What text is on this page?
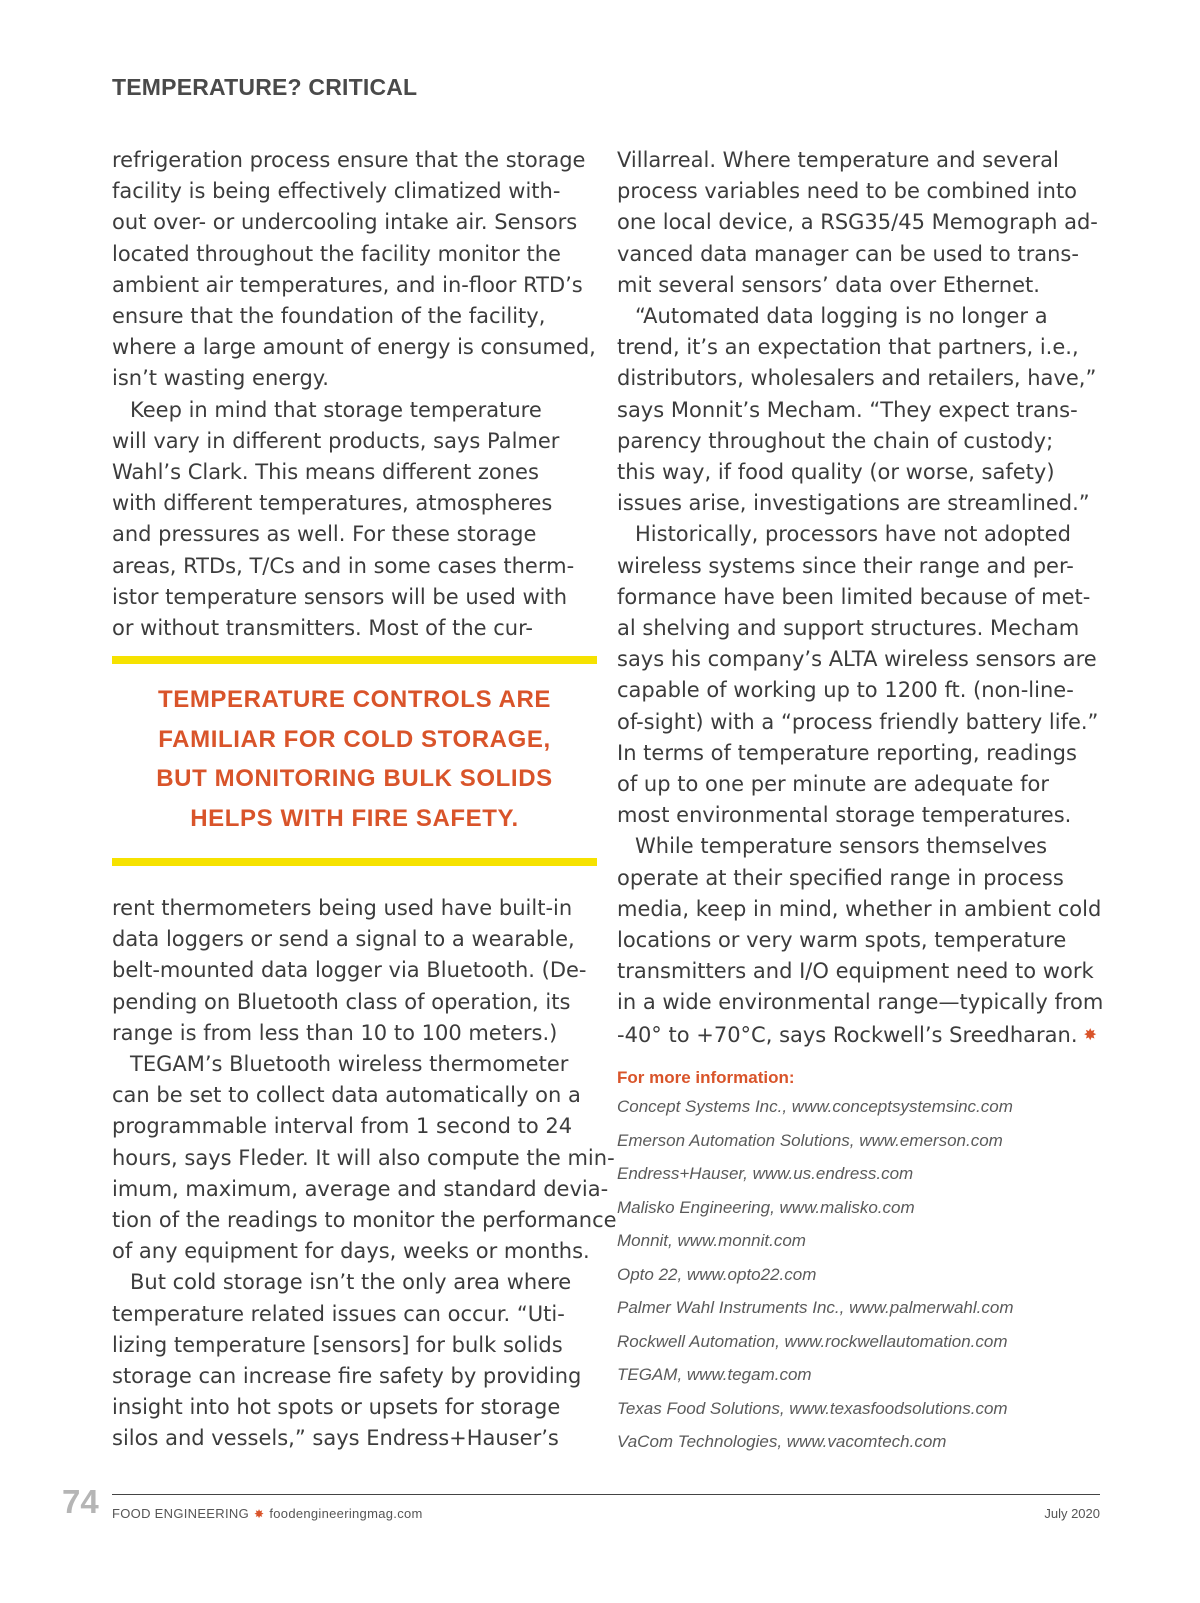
TEMPERATURE? CRITICAL

refrigeration process ensure that the storage

facility is being effectively climatized with-

out over- or undercooling intake air. Sensors

located throughout the facility monitor the

ambient air temperatures, and in-floor RTD’s

ensure that the foundation of the facility,

where a large amount of energy is consumed,

isn’t wasting energy.

Keep in mind that storage temperature

will vary in different products, says Palmer

Wahl’s Clark. This means different zones

with different temperatures, atmospheres

and pressures as well. For these storage

areas, RTDs, T/Cs and in some cases therm-

istor temperature sensors will be used with

or without transmitters. Most of the cur-

TEMPERATURE CONTROLS ARE
FAMILIAR FOR COLD STORAGE,
BUT MONITORING BULK SOLIDS
HELPS WITH FIRE SAFETY.

rent thermometers being used have built-in

data loggers or send a signal to a wearable,

belt-mounted data logger via Bluetooth. (De-

pending on Bluetooth class of operation, its

range is from less than 10 to 100 meters.)

TEGAM’s Bluetooth wireless thermometer

can be set to collect data automatically on a

programmable interval from 1 second to 24

hours, says Fleder. It will also compute the min-

imum, maximum, average and standard devia-

tion of the readings to monitor the performance

of any equipment for days, weeks or months.

But cold storage isn’t the only area where

temperature related issues can occur. “Uti-

lizing temperature [sensors] for bulk solids

storage can increase fire safety by providing

insight into hot spots or upsets for storage

silos and vessels,” says Endress+Hauser’s

Villarreal. Where temperature and several

process variables need to be combined into

one local device, a RSG35/45 Memograph ad-

vanced data manager can be used to trans-

mit several sensors’ data over Ethernet.

“Automated data logging is no longer a

trend, it’s an expectation that partners, i.e.,

distributors, wholesalers and retailers, have,”

says Monnit’s Mecham. “They expect trans-

parency throughout the chain of custody;

this way, if food quality (or worse, safety)

issues arise, investigations are streamlined.”

Historically, processors have not adopted

wireless systems since their range and per-

formance have been limited because of met-

al shelving and support structures. Mecham

says his company’s ALTA wireless sensors are

capable of working up to 1200 ft. (non-line-

of-sight) with a “process friendly battery life.”

In terms of temperature reporting, readings

of up to one per minute are adequate for

most environmental storage temperatures.

While temperature sensors themselves

operate at their specified range in process

media, keep in mind, whether in ambient cold

locations or very warm spots, temperature

transmitters and I/O equipment need to work

in a wide environmental range—typically from

-40° to +70°C, says Rockwell’s Sreedharan. ✸

For more information:
Concept Systems Inc., www.conceptsystemsinc.com
Emerson Automation Solutions, www.emerson.com
Endress+Hauser, www.us.endress.com
Malisko Engineering, www.malisko.com
Monnit, www.monnit.com
Opto 22, www.opto22.com
Palmer Wahl Instruments Inc., www.palmerwahl.com
Rockwell Automation, www.rockwellautomation.com
TEGAM, www.tegam.com
Texas Food Solutions, www.texasfoodsolutions.com
VaCom Technologies, www.vacomtech.com
74 FOOD ENGINEERING ✸ foodengineeringmag.com	July 2020
